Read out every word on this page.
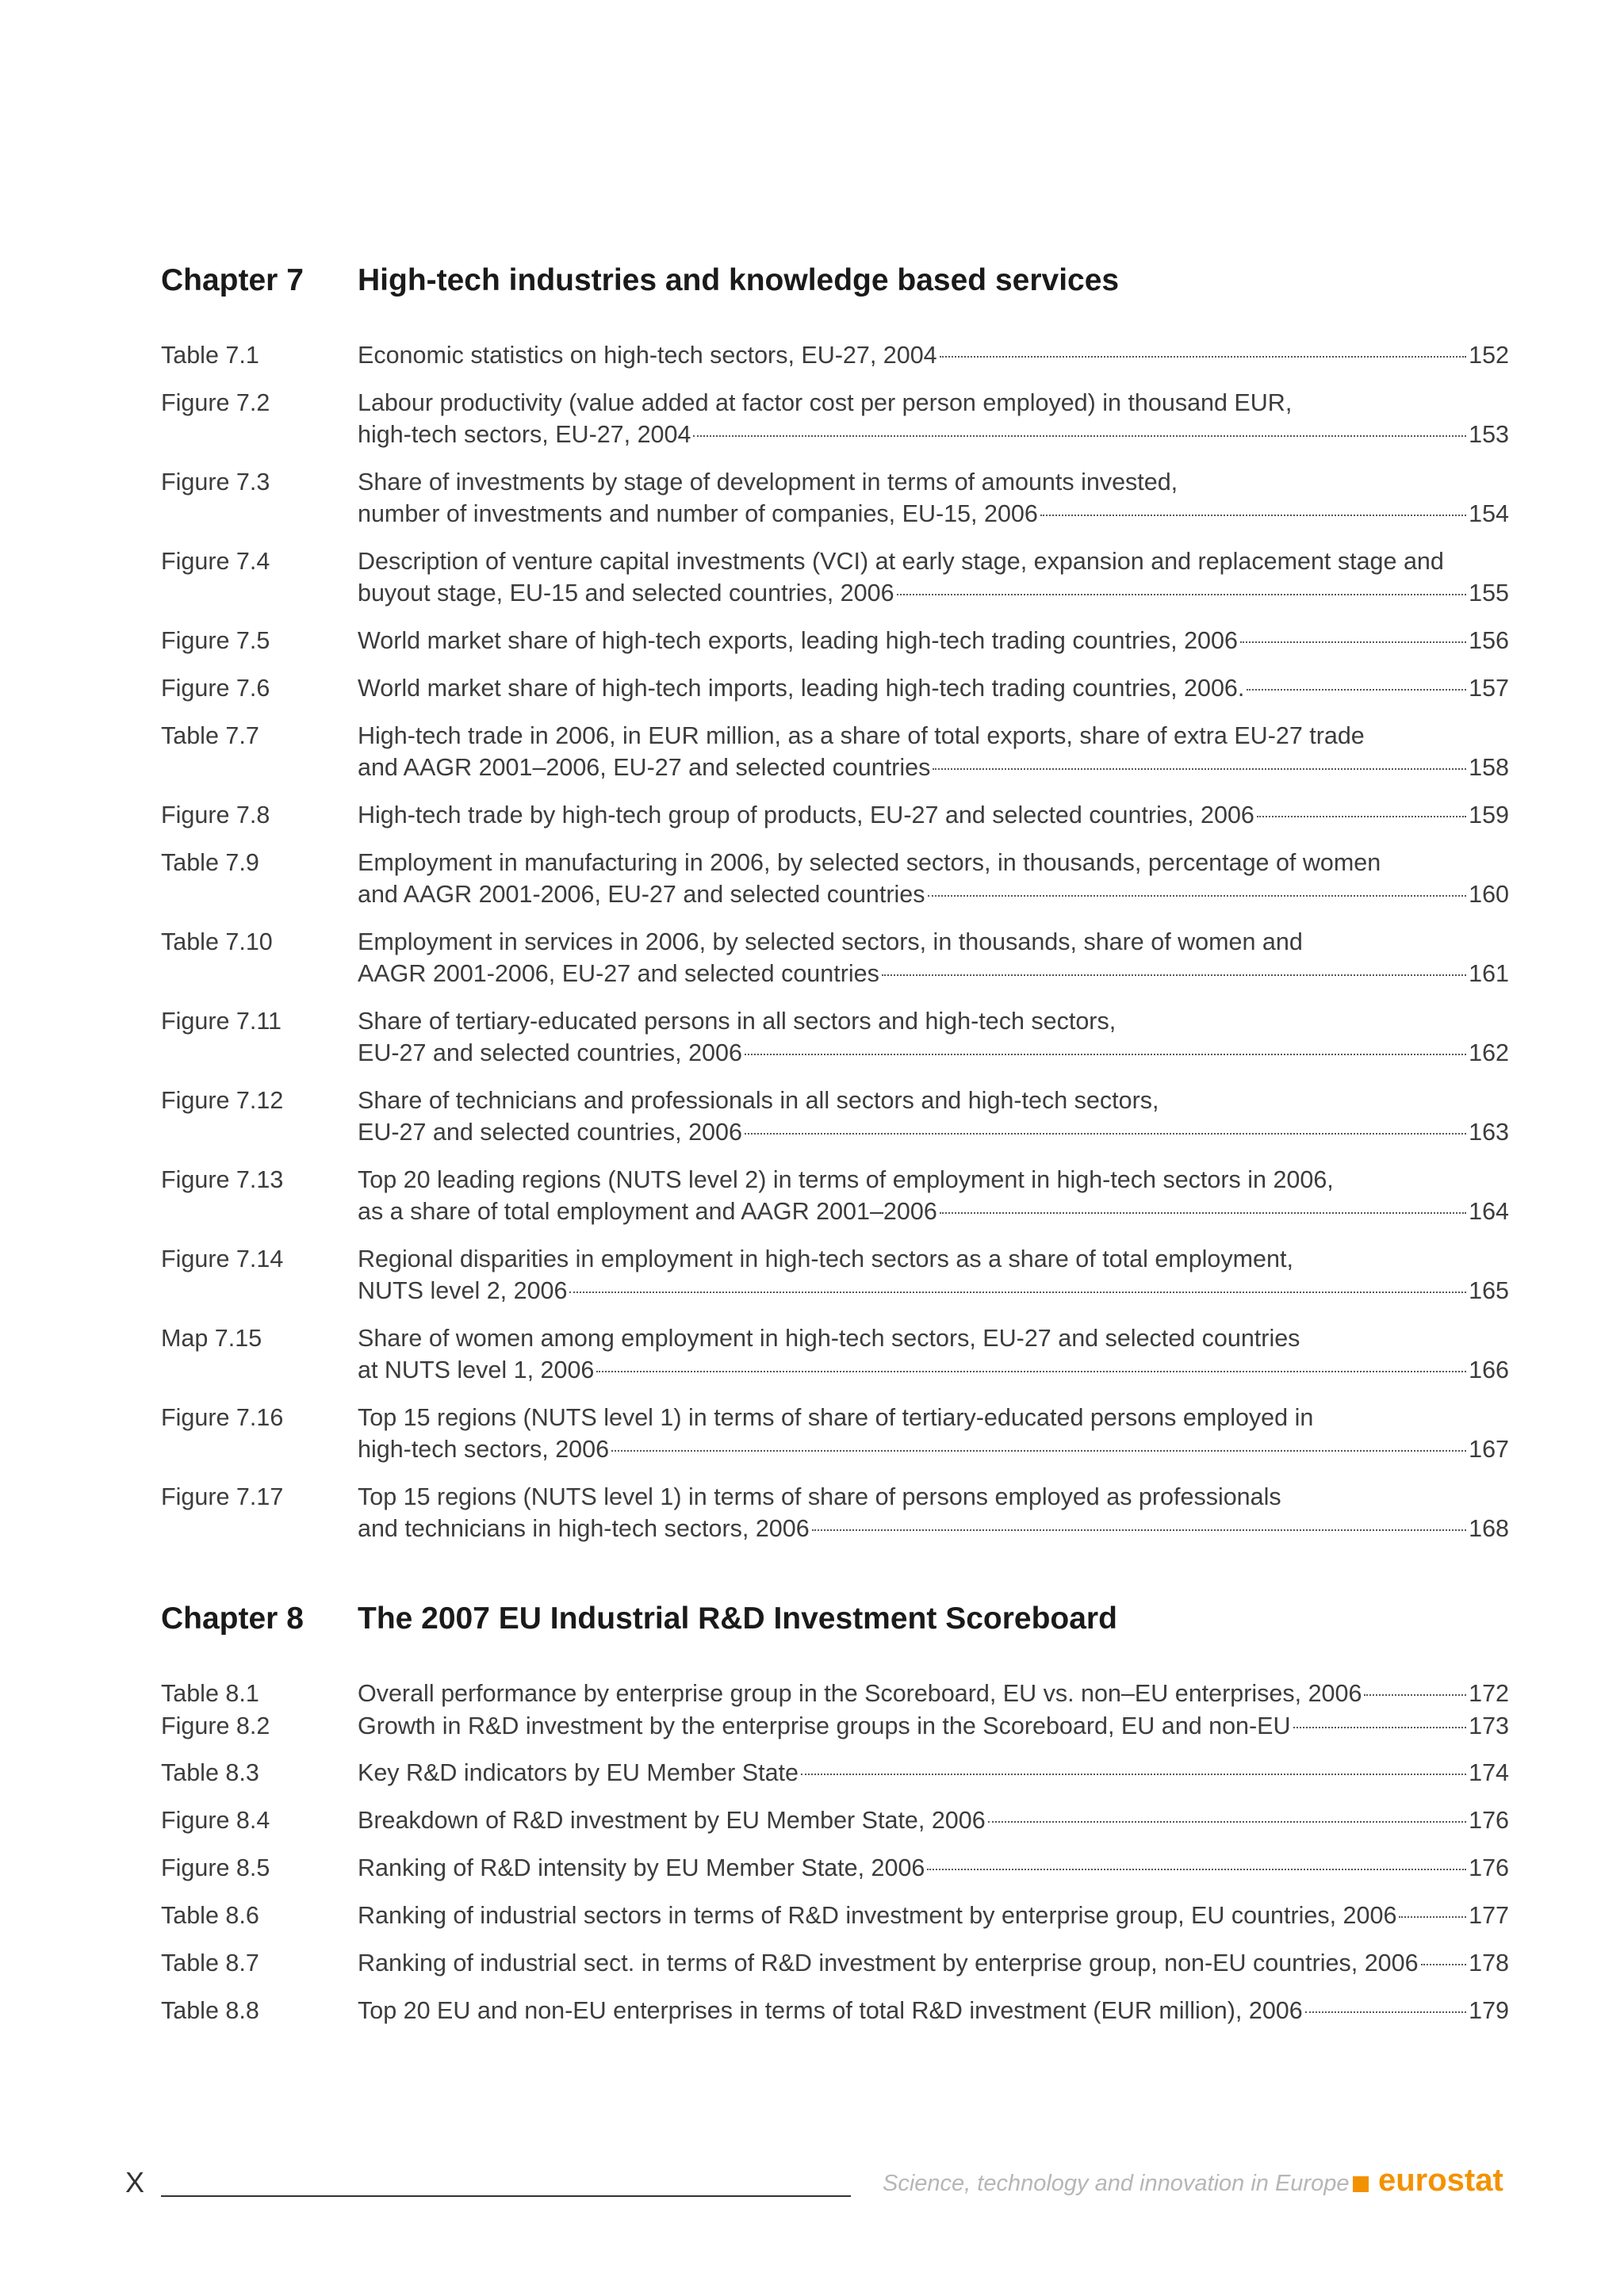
Chapter 7 High-tech industries and knowledge based services
Table 7.1	Economic statistics on high-tech sectors, EU-27, 2004	152
Figure 7.2	Labour productivity (value added at factor cost per person employed) in thousand EUR,
high-tech sectors, EU-27, 2004	153
Figure 7.3	Share of investments by stage of development in terms of amounts invested,
number of investments and number of companies, EU-15, 2006	154
Figure 7.4	Description of venture capital investments (VCI) at early stage, expansion and replacement stage and
buyout stage, EU-15 and selected countries, 2006	155
Figure 7.5	World market share of high-tech exports, leading high-tech trading countries, 2006	156
Figure 7.6	World market share of high-tech imports, leading high-tech trading countries, 2006.	157
Table 7.7	High-tech trade in 2006, in EUR million, as a share of total exports, share of extra EU-27 trade
and AAGR 2001–2006, EU-27 and selected countries	158
Figure 7.8	High-tech trade by high-tech group of products, EU-27 and selected countries, 2006	159
Table 7.9	Employment in manufacturing in 2006, by selected sectors, in thousands, percentage of women
and AAGR 2001-2006, EU-27 and selected countries	160
Table 7.10	Employment in services in 2006, by selected sectors, in thousands, share of women and
AAGR 2001-2006, EU-27 and selected countries	161
Figure 7.11	Share of tertiary-educated persons in all sectors and high-tech sectors,
EU-27 and selected countries, 2006	162
Figure 7.12	Share of technicians and professionals in all sectors and high-tech sectors,
EU-27 and selected countries, 2006	163
Figure 7.13	Top 20 leading regions (NUTS level 2) in terms of employment in high-tech sectors in 2006,
as a share of total employment and AAGR 2001–2006	164
Figure 7.14	Regional disparities in employment in high-tech sectors as a share of total employment,
NUTS level 2, 2006	165
Map 7.15	Share of women among employment in high-tech sectors, EU-27 and selected countries
at NUTS level 1, 2006	166
Figure 7.16	Top 15 regions (NUTS level 1) in terms of share of tertiary-educated persons employed in
high-tech sectors, 2006	167
Figure 7.17	Top 15 regions (NUTS level 1) in terms of share of persons employed as professionals
and technicians in high-tech sectors, 2006	168
Chapter 8 The 2007 EU Industrial R&D Investment Scoreboard
Table 8.1	Overall performance by enterprise group in the Scoreboard, EU vs. non–EU enterprises, 2006	172
Figure 8.2	Growth in R&D investment by the enterprise groups in the Scoreboard, EU and non-EU	173
Table 8.3	Key R&D indicators by EU Member State	174
Figure 8.4	Breakdown of R&D investment by EU Member State, 2006	176
Figure 8.5	Ranking of R&D intensity by EU Member State, 2006	176
Table 8.6	Ranking of industrial sectors in terms of R&D investment by enterprise group, EU countries, 2006	177
Table 8.7	Ranking of industrial sect. in terms of R&D investment by enterprise group, non-EU countries, 2006 178
Table 8.8	Top 20 EU and non-EU enterprises in terms of total R&D investment (EUR million), 2006	179
X	Science, technology and innovation in Europe eurostat
